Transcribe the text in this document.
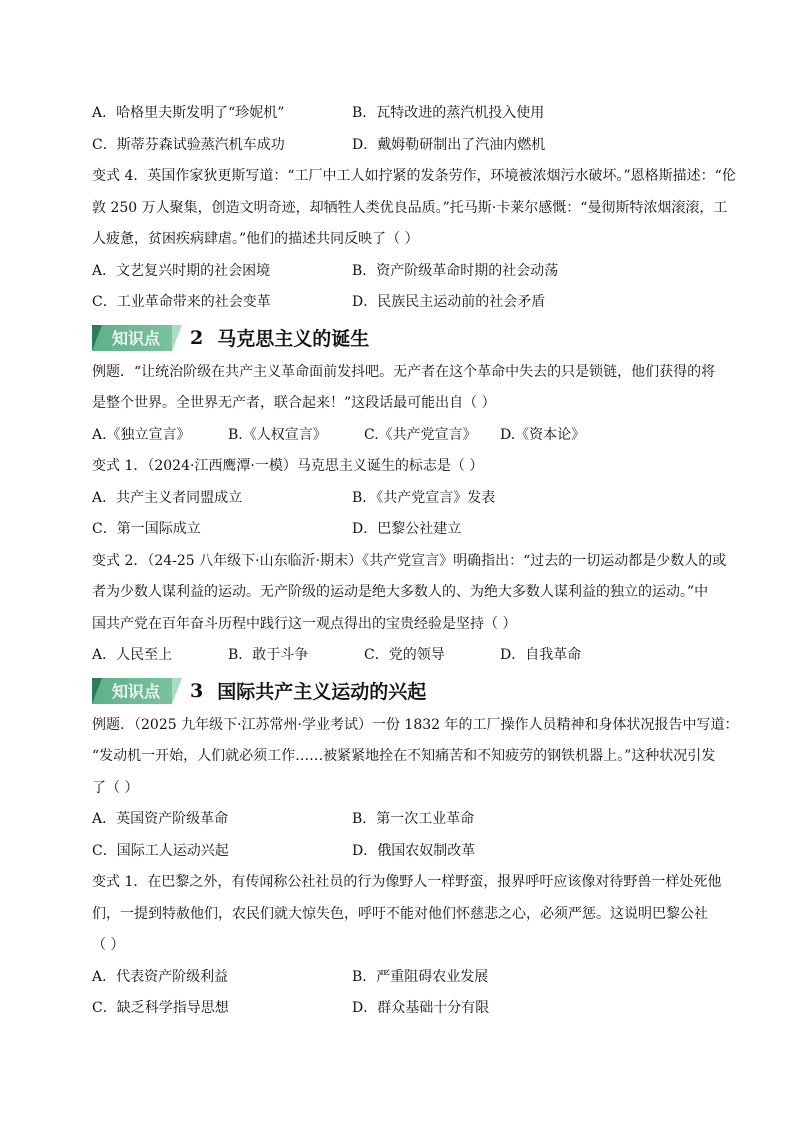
A．哈格里夫斯发明了“珍妮机”	B．瓦特改进的蒸汽机投入使用
C．斯蒂芬森试验蒸汽机车成功	D．戴姆勒研制出了汽油内燃机
变式 4．英国作家狄更斯写道：“工厂中工人如拧紧的发条劳作，环境被浓烟污水破坏。”恩格斯描述：“伦
敦 250 万人聚集，创造文明奇迹，却牺牲人类优良品质。”托马斯·卡莱尔感慨：“曼彻斯特浓烟滚滚，工
人疲惫，贫困疾病肆虐。”他们的描述共同反映了（ ）
A．文艺复兴时期的社会困境	B．资产阶级革命时期的社会动荡
C．工业革命带来的社会变革	D．民族民主运动前的社会矛盾
知识点 2 马克思主义的诞生
例题．“让统治阶级在共产主义革命面前发抖吧。无产者在这个革命中失去的只是锁链，他们获得的将
是整个世界。全世界无产者，联合起来！”这段话最可能出自（ ）
A.《独立宣言》	B.《人权宣言》	C.《共产党宣言》	D.《资本论》
变式 1．（2024·江西鹰潭·一模）马克思主义诞生的标志是（ ）
A．共产主义者同盟成立	B．《共产党宣言》发表
C．第一国际成立	D．巴黎公社建立
变式 2．（24-25 八年级下·山东临沂·期末）《共产党宣言》明确指出：“过去的一切运动都是少数人的或
者为少数人谋利益的运动。无产阶级的运动是绝大多数人的、为绝大多数人谋利益的独立的运动。”中
国共产党在百年奋斗历程中践行这一观点得出的宝贵经验是坚持（ ）
A．人民至上	B．敢于斗争	C．党的领导	D．自我革命
知识点 3 国际共产主义运动的兴起
例题．（2025 九年级下·江苏常州·学业考试）一份 1832 年的工厂操作人员精神和身体状况报告中写道：
“发动机一开始，人们就必须工作……被紧紧地拴在不知痛苦和不知疲劳的钢铁机器上。”这种状况引发
了（ ）
A．英国资产阶级革命	B．第一次工业革命
C．国际工人运动兴起	D．俄国农奴制改革
变式 1．在巴黎之外，有传闻称公社社员的行为像野人一样野蛮，报界呼吁应该像对待野兽一样处死他
们，一提到特赦他们，农民们就大惊失色，呼吁不能对他们怀慈悲之心，必须严惩。这说明巴黎公社
（ ）
A．代表资产阶级利益	B．严重阻碍农业发展
C．缺乏科学指导思想	D．群众基础十分有限
